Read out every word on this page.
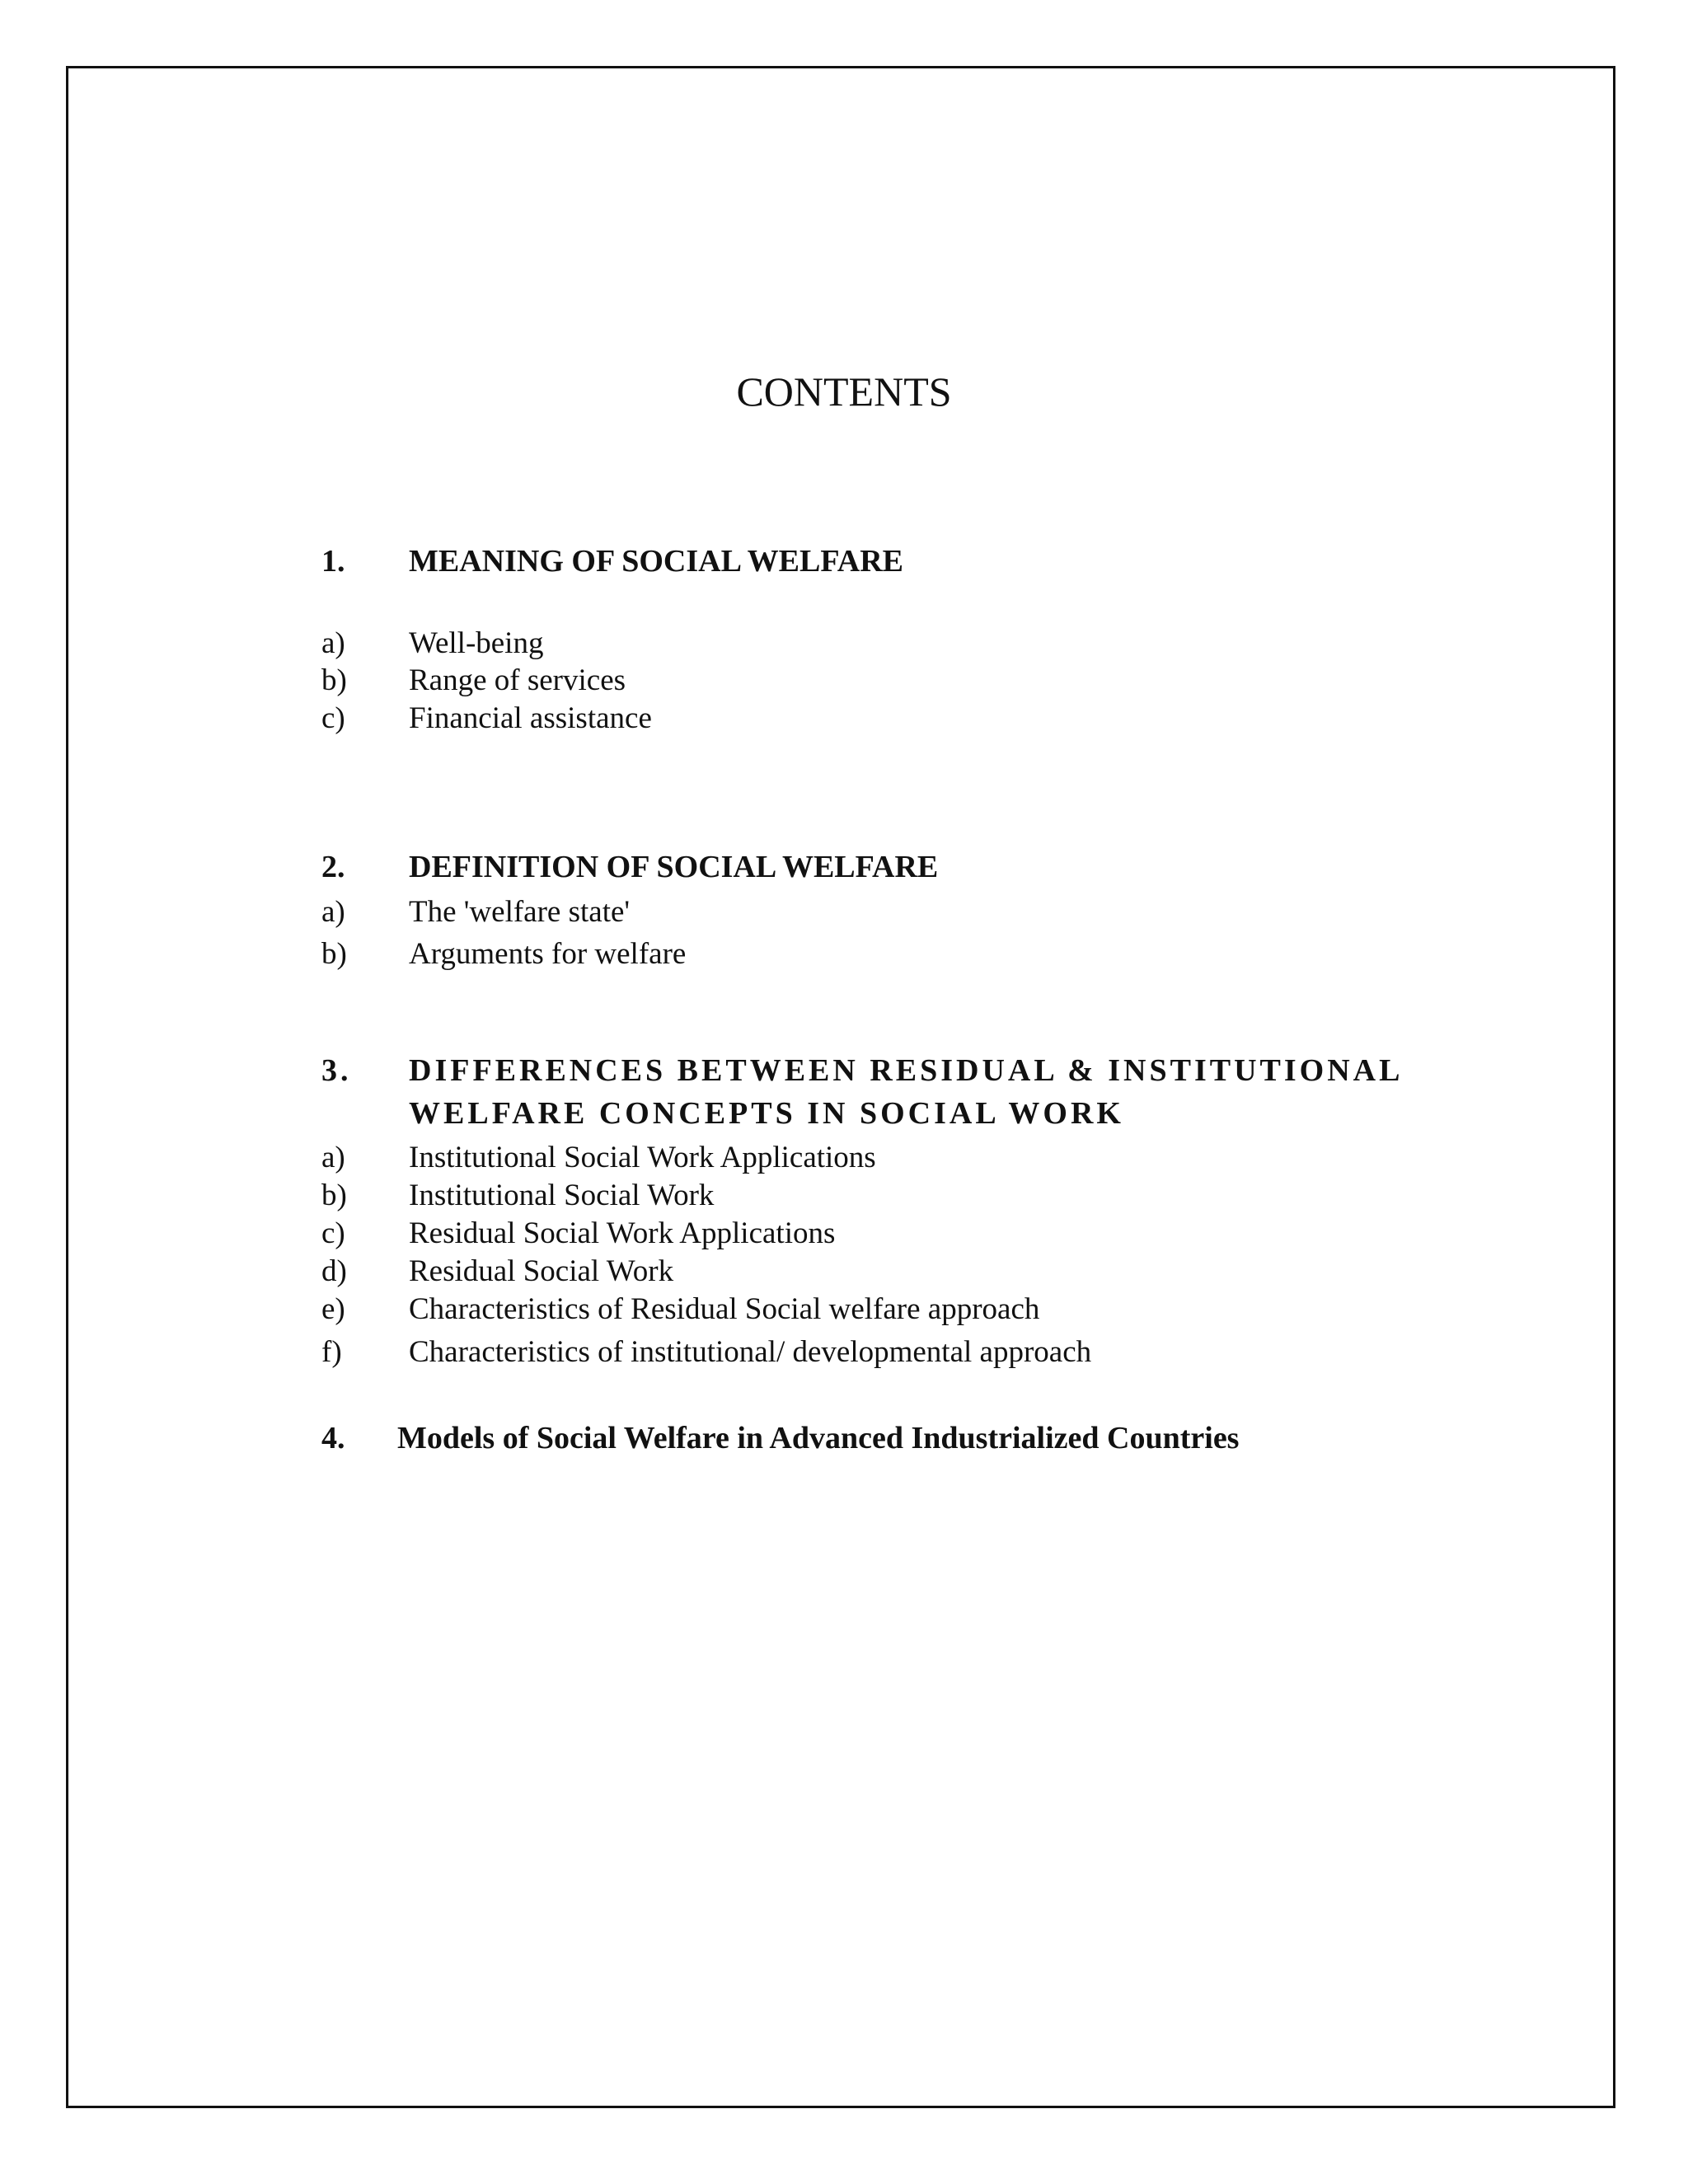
CONTENTS
1. MEANING OF SOCIAL WELFARE
a) Well-being
b) Range of services
c) Financial assistance
2. DEFINITION OF SOCIAL WELFARE
a) The 'welfare state'
b) Arguments for welfare
3. DIFFERENCES BETWEEN RESIDUAL & INSTITUTIONAL
WELFARE CONCEPTS IN SOCIAL WORK
a) Institutional Social Work Applications
b) Institutional Social Work
c) Residual Social Work Applications
d) Residual Social Work
e) Characteristics of Residual Social welfare approach
f) Characteristics of institutional/ developmental approach
4. Models of Social Welfare in Advanced Industrialized Countries
